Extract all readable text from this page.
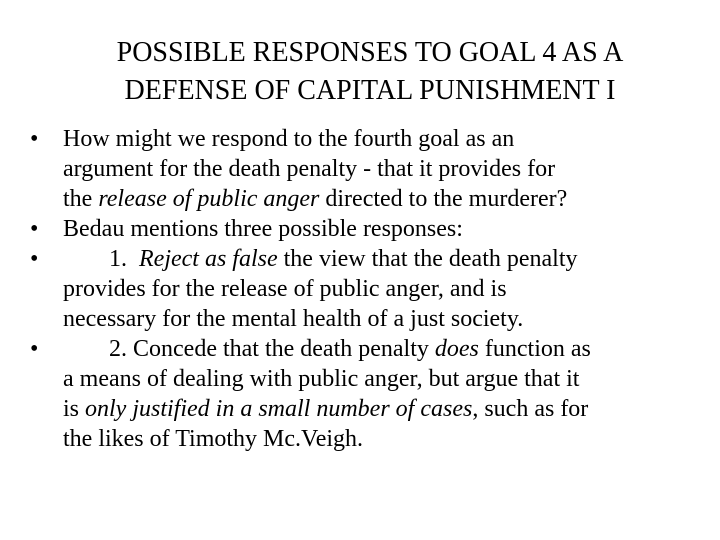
POSSIBLE RESPONSES TO GOAL 4 AS A
DEFENSE OF CAPITAL PUNISHMENT I
•	How might we respond to the fourth goal as an
argument for the death penalty - that it provides for
the release of public anger directed to the murderer?
•	Bedau mentions three possible responses:
•	1. Reject as false the view that the death penalty
provides for the release of public anger, and is
necessary for the mental health of a just society.
•	2. Concede that the death penalty does function as
a means of dealing with public anger, but argue that it
is only justified in a small number of cases, such as for
the likes of Timothy Mc.Veigh.
